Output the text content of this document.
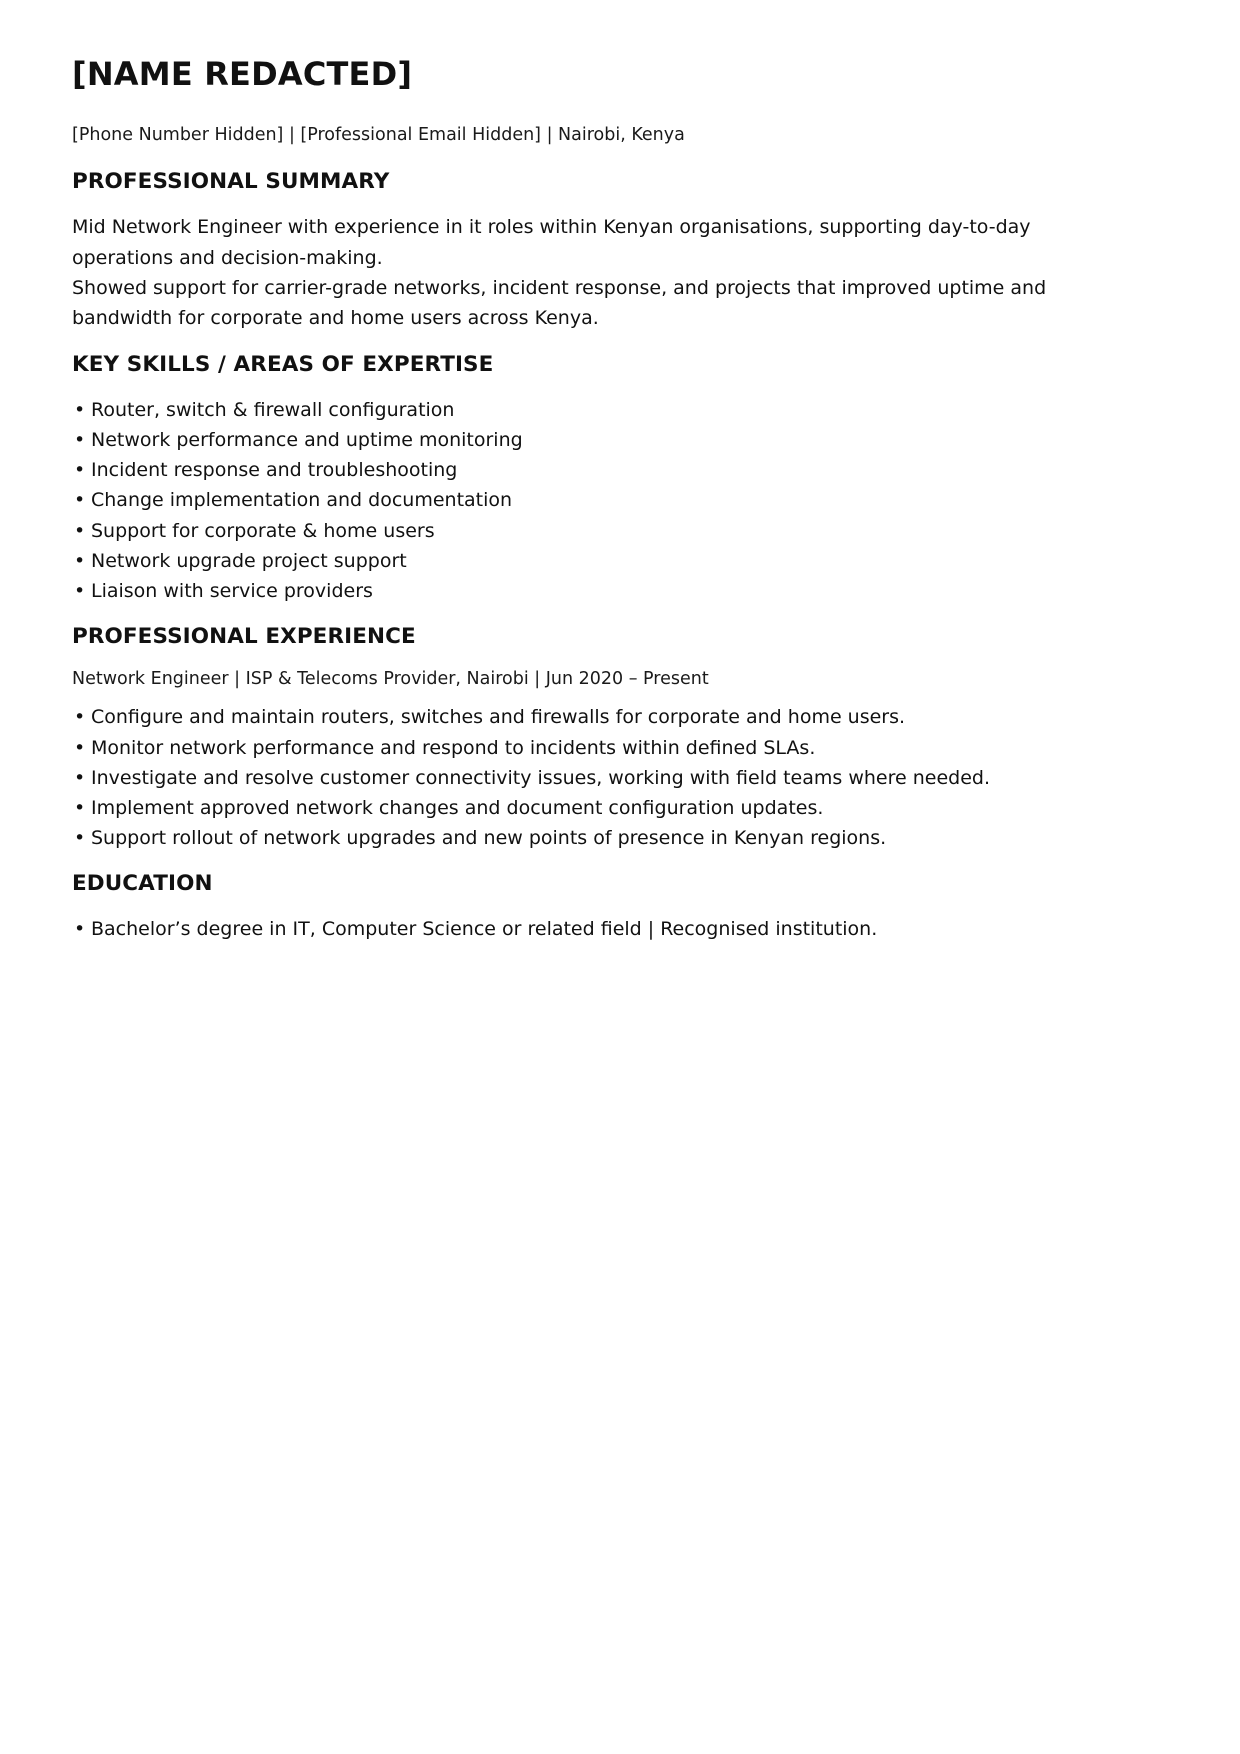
[NAME REDACTED]

[Phone Number Hidden] | [Professional Email Hidden] | Nairobi, Kenya

PROFESSIONAL SUMMARY

Mid Network Engineer with experience in it roles within Kenyan organisations, supporting day-to-day operations and decision-making.

Showed support for carrier-grade networks, incident response, and projects that improved uptime and bandwidth for corporate and home users across Kenya.

KEY SKILLS / AREAS OF EXPERTISE
• Router, switch & firewall configuration
• Network performance and uptime monitoring
• Incident response and troubleshooting
• Change implementation and documentation
• Support for corporate & home users
• Network upgrade project support
• Liaison with service providers
PROFESSIONAL EXPERIENCE

Network Engineer | ISP & Telecoms Provider, Nairobi | Jun 2020 – Present

• Configure and maintain routers, switches and firewalls for corporate and home users.
• Monitor network performance and respond to incidents within defined SLAs.
• Investigate and resolve customer connectivity issues, working with field teams where needed.
• Implement approved network changes and document configuration updates.
• Support rollout of network upgrades and new points of presence in Kenyan regions.
EDUCATION
• Bachelor’s degree in IT, Computer Science or related field | Recognised institution.
